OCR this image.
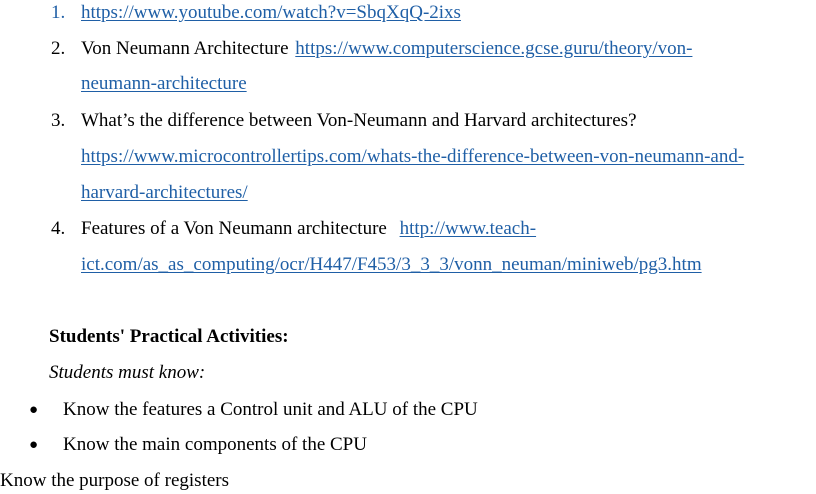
1. https://www.youtube.com/watch?v=SbqXqQ-2ixs
2. Von Neumann Architecture https://www.computerscience.gcse.guru/theory/von-
neumann-architecture
3. What’s the difference between Von-Neumann and Harvard architectures?
https://www.microcontrollertips.com/whats-the-difference-between-von-neumann-and-
harvard-architectures/
4. Features of a Von Neumann architecture http://www.teach-
ict.com/as_as_computing/ocr/H447/F453/3_3_3/vonn_neuman/miniweb/pg3.htm
Students' Practical Activities:
Students must know:
● Know the features a Control unit and ALU of the CPU
● Know the main components of the CPU
Know the purpose of registers
